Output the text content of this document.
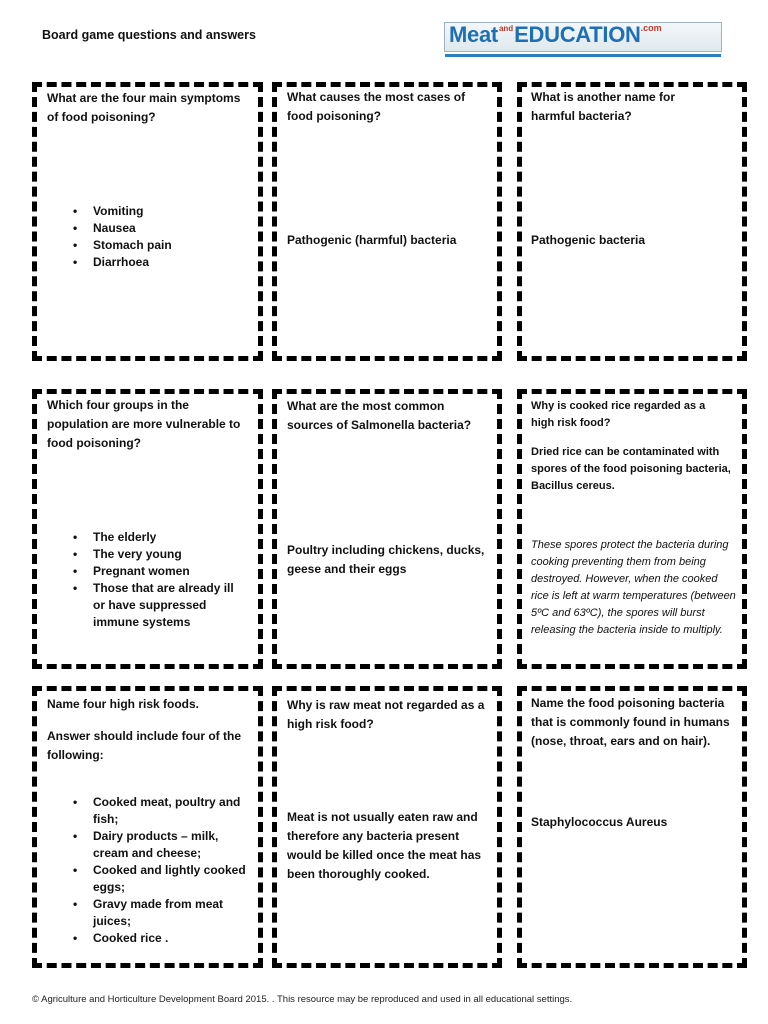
Board game questions and answers	$Meat^{and}EDUCATION^{.com}$
What are the four main symptoms of food poisoning?
• Vomiting
• Nausea
• Stomach pain
• Diarrhoea
What causes the most cases of food poisoning?
Pathogenic (harmful) bacteria
What is another name for harmful bacteria?
Pathogenic bacteria
Which four groups in the population are more vulnerable to food poisoning?
• The elderly
• The very young
• Pregnant women
• Those that are already ill or have suppressed immune systems
What are the most common sources of Salmonella bacteria?
Poultry including chickens, ducks, geese and their eggs
Why is cooked rice regarded as a high risk food?
Dried rice can be contaminated with spores of the food poisoning bacteria, Bacillus cereus.
These spores protect the bacteria during cooking preventing them from being destroyed. However, when the cooked rice is left at warm temperatures (between 5ºC and 63ºC), the spores will burst releasing the bacteria inside to multiply.
Name four high risk foods.
Answer should include four of the following:
• Cooked meat, poultry and fish;
• Dairy products – milk, cream and cheese;
• Cooked and lightly cooked eggs;
• Gravy made from meat juices;
• Cooked rice .
Why is raw meat not regarded as a high risk food?
Meat is not usually eaten raw and therefore any bacteria present would be killed once the meat has been thoroughly cooked.
Name the food poisoning bacteria that is commonly found in humans (nose, throat, ears and on hair).
Staphylococcus Aureus
© Agriculture and Horticulture Development Board 2015. . This resource may be reproduced and used in all educational settings.
